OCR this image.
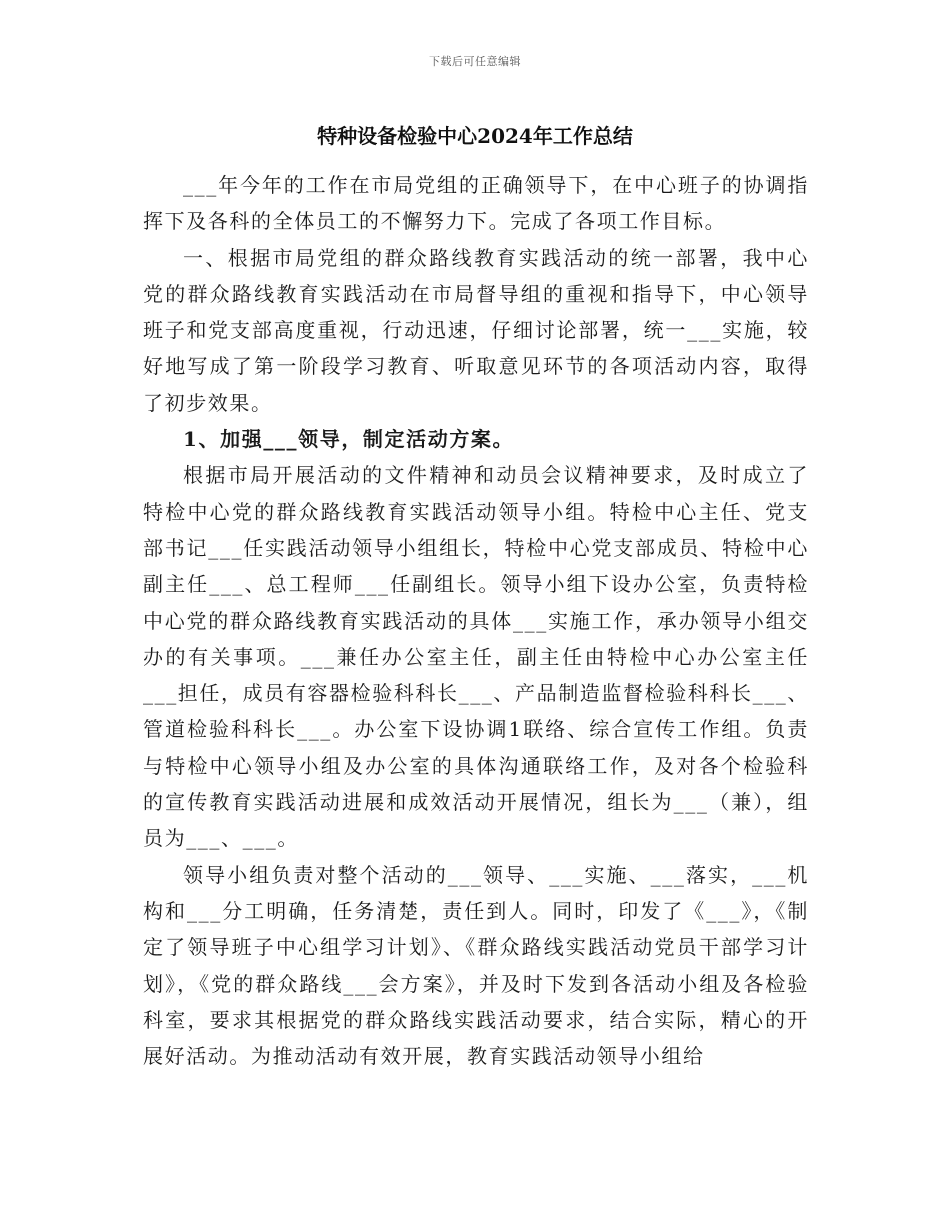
下载后可任意编辑
特种设备检验中心2024年工作总结

___年今年的工作在市局党组的正确领导下，在中心班子的协调指挥下及各科的全体员工的不懈努力下。完成了各项工作目标。

一、根据市局党组的群众路线教育实践活动的统一部署，我中心党的群众路线教育实践活动在市局督导组的重视和指导下，中心领导班子和党支部高度重视，行动迅速，仔细讨论部署，统一___实施，较好地写成了第一阶段学习教育、听取意见环节的各项活动内容，取得了初步效果。

1、加强___领导，制定活动方案。

根据市局开展活动的文件精神和动员会议精神要求，及时成立了特检中心党的群众路线教育实践活动领导小组。特检中心主任、党支部书记___任实践活动领导小组组长，特检中心党支部成员、特检中心副主任___、总工程师___任副组长。领导小组下设办公室，负责特检中心党的群众路线教育实践活动的具体___实施工作，承办领导小组交办的有关事项。___兼任办公室主任，副主任由特检中心办公室主任___担任，成员有容器检验科科长___、产品制造监督检验科科长___、管道检验科科长___。办公室下设协调1联络、综合宣传工作组。负责与特检中心领导小组及办公室的具体沟通联络工作，及对各个检验科的宣传教育实践活动进展和成效活动开展情况，组长为___（兼），组员为___、___。

领导小组负责对整个活动的___领导、___实施、___落实，___机构和___分工明确，任务清楚，责任到人。同时，印发了《___》，《制定了领导班子中心组学习计划》、《群众路线实践活动党员干部学习计划》，《党的群众路线___会方案》，并及时下发到各活动小组及各检验科室，要求其根据党的群众路线实践活动要求，结合实际，精心的开展好活动。为推动活动有效开展，教育实践活动领导小组给
